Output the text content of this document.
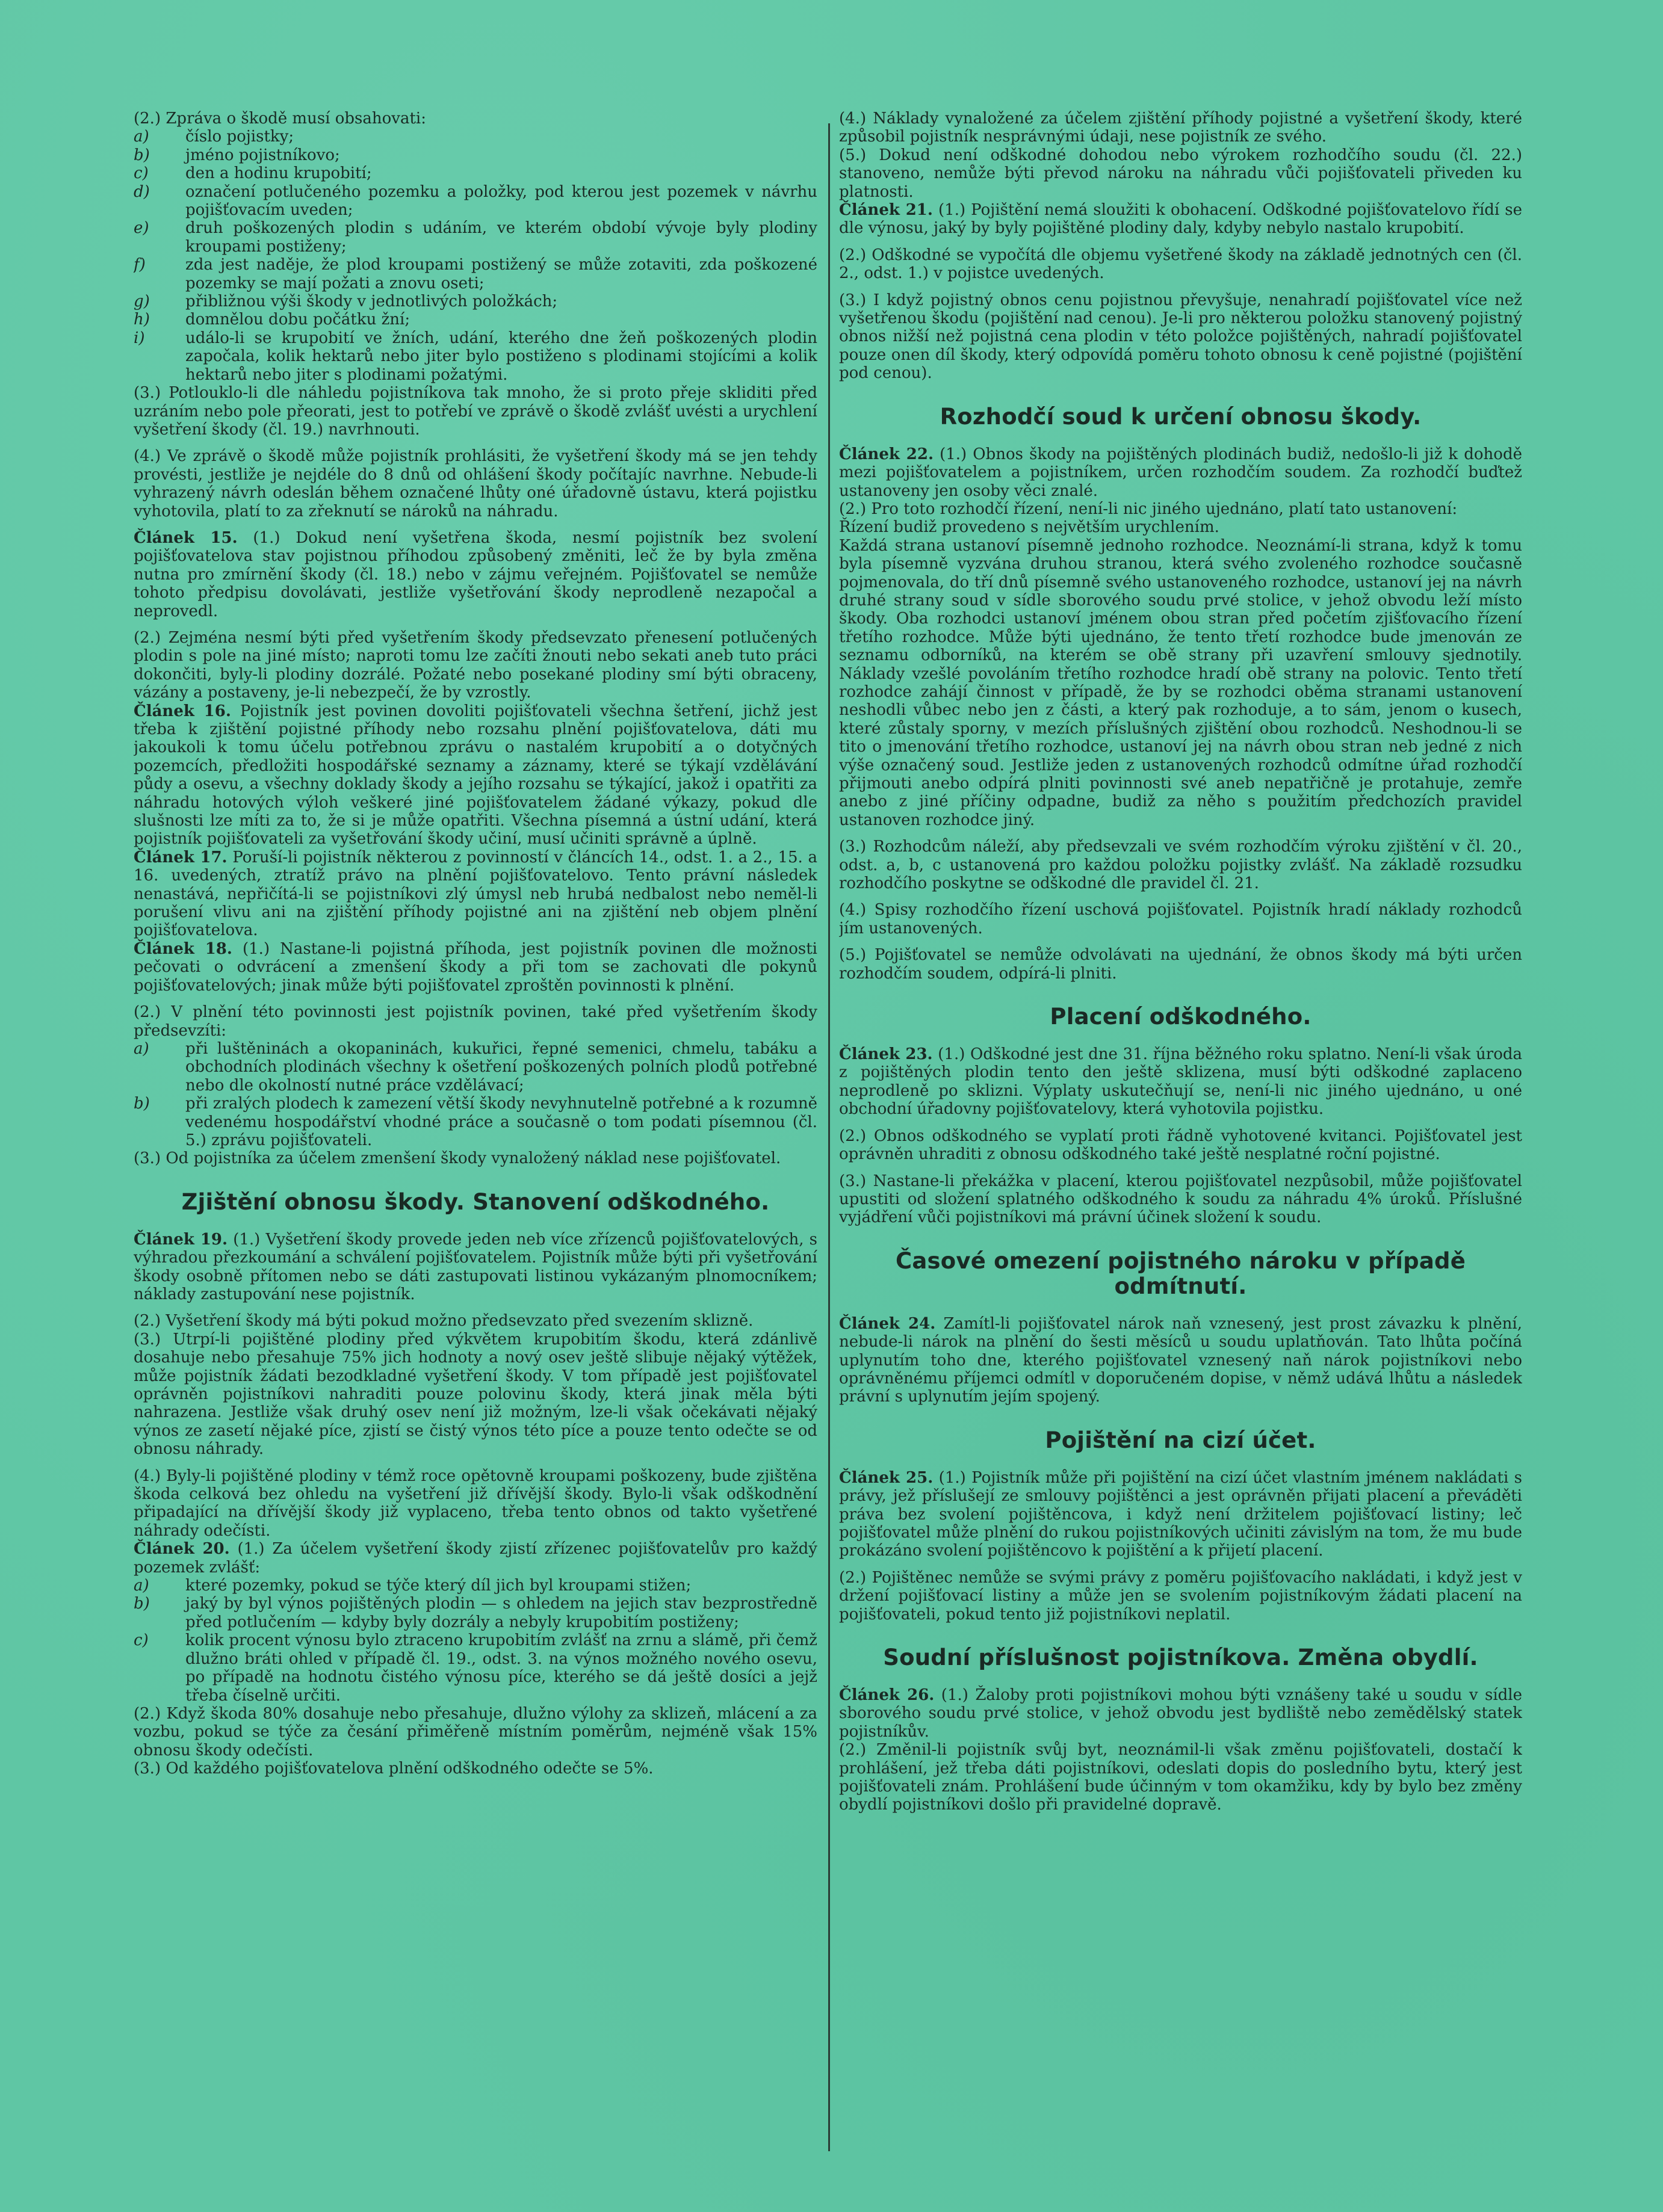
(2.) Zpráva o škodě musí obsahovati:

a) číslo pojistky;

b) jméno pojistníkovo;

c) den a hodinu krupobití;

d) označení potlučeného pozemku a položky, pod kterou jest pozemek v návrhu pojišťovacím uveden;

e) druh poškozených plodin s udáním, ve kterém období vývoje byly plodiny kroupami postiženy;

f)	zda jest naděje, že plod kroupami postižený se může zotaviti, zda poškozené pozemky se mají požati a znovu oseti;

g) přibližnou výši škody v jednotlivých položkách;

h) domnělou dobu počátku žní;

i)	událo-li se krupobití ve žních, udání, kterého dne žeň poškozených plodin započala, kolik hektarů nebo jiter bylo postiženo s plodinami stojícími a kolik hektarů nebo jiter s plodinami požatými.

(3.) Potlouklo-li dle náhledu pojistníkova tak mnoho, že si proto přeje skliditi před uzráním nebo pole přeorati, jest to potřebí ve zprávě o škodě zvlášť uvésti a urychlení vyšetření škody (čl. 19.) navrhnouti.

(4.) Ve zprávě o škodě může pojistník prohlásiti, že vyšetření škody má se jen tehdy provésti, jestliže je nejdéle do 8 dnů od ohlášení škody počítajíc navrhne. Nebude-li vyhrazený návrh odeslán během označené lhůty oné úřadovně ústavu, která pojistku vyhotovila, platí to za zřeknutí se nároků na náhradu.

Článek 15. (1.) Dokud není vyšetřena škoda, nesmí pojistník bez svolení pojišťovatelova stav pojistnou příhodou způsobený změniti, leč že by byla změna nutna pro zmírnění škody (čl. 18.) nebo v zájmu veřejném. Pojišťovatel se nemůže tohoto předpisu dovolávati, jestliže vyšetřování škody neprodleně nezapočal a neprovedl.

(2.) Zejména nesmí býti před vyšetřením škody předsevzato přenesení potlučených plodin s pole na jiné místo; naproti tomu lze začíti žnouti nebo sekati aneb tuto práci dokončiti, byly-li plodiny dozrálé. Požaté nebo posekané plodiny smí býti obraceny, vázány a postaveny, je-li nebezpečí, že by vzrostly.

Článek 16. Pojistník jest povinen dovoliti pojišťovateli všechna šetření, jichž jest třeba k zjištění pojistné příhody nebo rozsahu plnění pojišťovatelova, dáti mu jakoukoli k tomu účelu potřebnou zprávu o nastalém krupobití a o dotyčných pozemcích, předložiti hospodářské seznamy a záznamy, které se týkají vzdělávání půdy a osevu, a všechny doklady škody a jejího rozsahu se týkající, jakož i opatřiti za náhradu hotových výloh veškeré jiné pojišťovatelem žádané výkazy, pokud dle slušnosti lze míti za to, že si je může opatřiti. Všechna písemná a ústní udání, která pojistník pojišťovateli za vyšetřování škody učiní, musí učiniti správně a úplně.

Článek 17. Poruší-li pojistník některou z povinností v článcích 14., odst. 1. a 2., 15. a 16. uvedených, ztratíž právo na plnění pojišťovatelovo. Tento právní následek nenastává, nepřičítá-li se pojistníkovi zlý úmysl neb hrubá nedbalost nebo neměl-li porušení vlivu ani na zjištění příhody pojistné ani na zjištění neb objem plnění pojišťovatelova.

Článek 18. (1.) Nastane-li pojistná příhoda, jest pojistník povinen dle možnosti pečovati o odvrácení a zmenšení škody a při tom se zachovati dle pokynů pojišťovatelových; jinak může býti pojišťovatel zproštěn povinnosti k plnění.

(2.) V plnění této povinnosti jest pojistník povinen, také před vyšetřením škody předsevzíti:

a) při luštěninách a okopaninách, kukuřici, řepné semenici, chmelu, tabáku a obchodních plodinách všechny k ošetření poškozených polních plodů potřebné nebo dle okolností nutné práce vzdělávací;

b) při zralých plodech k zamezení větší škody nevyhnutelně potřebné a k rozumně vedenému hospodářství vhodné práce a současně o tom podati písemnou (čl. 5.) zprávu pojišťovateli.

(3.) Od pojistníka za účelem zmenšení škody vynaložený náklad nese pojišťovatel.

Zjištění obnosu škody. Stanovení odškodného.

Článek 19. (1.) Vyšetření škody provede jeden neb více zřízenců pojišťovatelových, s výhradou přezkoumání a schválení pojišťovatelem. Pojistník může býti při vyšetřování škody osobně přítomen nebo se dáti zastupovati listinou vykázaným plnomocníkem; náklady zastupování nese pojistník.

(2.) Vyšetření škody má býti pokud možno předsevzato před svezením sklizně.

(3.) Utrpí-li pojištěné plodiny před výkvětem krupobitím škodu, která zdánlivě dosahuje nebo přesahuje 75% jich hodnoty a nový osev ještě slibuje nějaký výtěžek, může pojistník žádati bezodkladné vyšetření škody. V tom případě jest pojišťovatel oprávněn pojistníkovi nahraditi pouze polovinu škody, která jinak měla býti nahrazena. Jestliže však druhý osev není již možným, lze-li však očekávati nějaký výnos ze zasetí nějaké píce, zjistí se čistý výnos této píce a pouze tento odečte se od obnosu náhrady.

(4.) Byly-li pojištěné plodiny v témž roce opětovně kroupami poškozeny, bude zjištěna škoda celková bez ohledu na vyšetření již dřívější škody. Bylo-li však odškodnění připadající na dřívější škody již vyplaceno, třeba tento obnos od takto vyšetřené náhrady odečísti.

Článek 20. (1.) Za účelem vyšetření škody zjistí zřízenec pojišťovatelův pro každý pozemek zvlášť:

a) které pozemky, pokud se týče který díl jich byl kroupami stižen;

b) jaký by byl výnos pojištěných plodin — s ohledem na jejich stav bezprostředně před potlučením — kdyby byly dozrály a nebyly krupobitím postiženy;

c) kolik procent výnosu bylo ztraceno krupobitím zvlášť na zrnu a slámě, při čemž dlužno bráti ohled v případě čl. 19., odst. 3. na výnos možného nového osevu, po případě na hodnotu čistého výnosu píce, kterého se dá ještě dosíci a jejž třeba číselně určiti.

(2.) Když škoda 80% dosahuje nebo přesahuje, dlužno výlohy za sklizeň, mlácení a za vozbu, pokud se týče za česání přiměřeně místním poměrům, nejméně však 15% obnosu škody odečísti.

(3.) Od každého pojišťovatelova plnění odškodného odečte se 5%.

(4.) Náklady vynaložené za účelem zjištění příhody pojistné a vyšetření škody, které způsobil pojistník nesprávnými údaji, nese pojistník ze svého.

(5.) Dokud není odškodné dohodou nebo výrokem rozhodčího soudu (čl. 22.) stanoveno, nemůže býti převod nároku na náhradu vůči pojišťovateli přiveden ku platnosti.

Článek 21. (1.) Pojištění nemá sloužiti k obohacení. Odškodné pojišťovatelovo řídí se dle výnosu, jaký by byly pojištěné plodiny daly, kdyby nebylo nastalo krupobití.

(2.) Odškodné se vypočítá dle objemu vyšetřené škody na základě jednotných cen (čl. 2., odst. 1.) v pojistce uvedených.

(3.) I když pojistný obnos cenu pojistnou převyšuje, nenahradí pojišťovatel více než vyšetřenou škodu (pojištění nad cenou). Je-li pro některou položku stanovený pojistný obnos nižší než pojistná cena plodin v této položce pojištěných, nahradí pojišťovatel pouze onen díl škody, který odpovídá poměru tohoto obnosu k ceně pojistné (pojištění pod cenou).

Rozhodčí soud k určení obnosu škody.

Článek 22. (1.) Obnos škody na pojištěných plodinách budiž, nedošlo-li již k dohodě mezi pojišťovatelem a pojistníkem, určen rozhodčím soudem. Za rozhodčí buďtež ustanoveny jen osoby věci znalé.

(2.) Pro toto rozhodčí řízení, není-li nic jiného ujednáno, platí tato ustanovení:

Řízení budiž provedeno s největším urychlením.

Každá strana ustanoví písemně jednoho rozhodce. Neoznámí-li strana, když k tomu byla písemně vyzvána druhou stranou, která svého zvoleného rozhodce současně pojmenovala, do tří dnů písemně svého ustanoveného rozhodce, ustanoví jej na návrh druhé strany soud v sídle sborového soudu prvé stolice, v jehož obvodu leží místo škody. Oba rozhodci ustanoví jménem obou stran před početím zjišťovacího řízení třetího rozhodce. Může býti ujednáno, že tento třetí rozhodce bude jmenován ze seznamu odborníků, na kterém se obě strany při uzavření smlouvy sjednotily. Náklady vzešlé povoláním třetího rozhodce hradí obě strany na polovic. Tento třetí rozhodce zahájí činnost v případě, že by se rozhodci oběma stranami ustanovení neshodli vůbec nebo jen z části, a který pak rozhoduje, a to sám, jenom o kusech, které zůstaly sporny, v mezích příslušných zjištění obou rozhodců. Neshodnou-li se tito o jmenování třetího rozhodce, ustanoví jej na návrh obou stran neb jedné z nich výše označený soud. Jestliže jeden z ustanovených rozhodců odmítne úřad rozhodčí přijmouti anebo odpírá plniti povinnosti své aneb nepatřičně je protahuje, zemře anebo z jiné příčiny odpadne, budiž za něho s použitím předchozích pravidel ustanoven rozhodce jiný.

(3.) Rozhodcům náleží, aby předsevzali ve svém rozhodčím výroku zjištění v čl. 20., odst. a, b, c ustanovená pro každou položku pojistky zvlášť. Na základě rozsudku rozhodčího poskytne se odškodné dle pravidel čl. 21.

(4.) Spisy rozhodčího řízení uschová pojišťovatel. Pojistník hradí náklady rozhodců jím ustanovených.

(5.) Pojišťovatel se nemůže odvolávati na ujednání, že obnos škody má býti určen rozhodčím soudem, odpírá-li plniti.

Placení odškodného.

Článek 23. (1.) Odškodné jest dne 31. října běžného roku splatno. Není-li však úroda z pojištěných plodin tento den ještě sklizena, musí býti odškodné zaplaceno neprodleně po sklizni. Výplaty uskutečňují se, není-li nic jiného ujednáno, u oné obchodní úřadovny pojišťovatelovy, která vyhotovila pojistku.

(2.) Obnos odškodného se vyplatí proti řádně vyhotovené kvitanci. Pojišťovatel jest oprávněn uhraditi z obnosu odškodného také ještě nesplatné roční pojistné.

(3.) Nastane-li překážka v placení, kterou pojišťovatel nezpůsobil, může pojišťovatel upustiti od složení splatného odškodného k soudu za náhradu 4% úroků. Příslušné vyjádření vůči pojistníkovi má právní účinek složení k soudu.

Časové omezení pojistného nároku v případě odmítnutí.

Článek 24. Zamítl-li pojišťovatel nárok naň vznesený, jest prost závazku k plnění, nebude-li nárok na plnění do šesti měsíců u soudu uplatňován. Tato lhůta počíná uplynutím toho dne, kterého pojišťovatel vznesený naň nárok pojistníkovi nebo oprávněnému příjemci odmítl v doporučeném dopise, v němž udává lhůtu a následek právní s uplynutím jejím spojený.

Pojištění na cizí účet.

Článek 25. (1.) Pojistník může při pojištění na cizí účet vlastním jménem nakládati s právy, jež příslušejí ze smlouvy pojištěnci a jest oprávněn přijati placení a převáděti práva bez svolení pojištěncova, i když není držitelem pojišťovací listiny; leč pojišťovatel může plnění do rukou pojistníkových učiniti závislým na tom, že mu bude prokázáno svolení pojištěncovo k pojištění a k přijetí placení.

(2.) Pojištěnec nemůže se svými právy z poměru pojišťovacího nakládati, i když jest v držení pojišťovací listiny a může jen se svolením pojistníkovým žádati placení na pojišťovateli, pokud tento již pojistníkovi neplatil.

Soudní příslušnost pojistníkova. Změna obydlí.

Článek 26. (1.) Žaloby proti pojistníkovi mohou býti vznášeny také u soudu v sídle sborového soudu prvé stolice, v jehož obvodu jest bydliště nebo zemědělský statek pojistníkův.

(2.) Změnil-li pojistník svůj byt, neoznámil-li však změnu pojišťovateli, dostačí k prohlášení, jež třeba dáti pojistníkovi, odeslati dopis do posledního bytu, který jest pojišťovateli znám. Prohlášení bude účinným v tom okamžiku, kdy by bylo bez změny obydlí pojistníkovi došlo při pravidelné dopravě.
